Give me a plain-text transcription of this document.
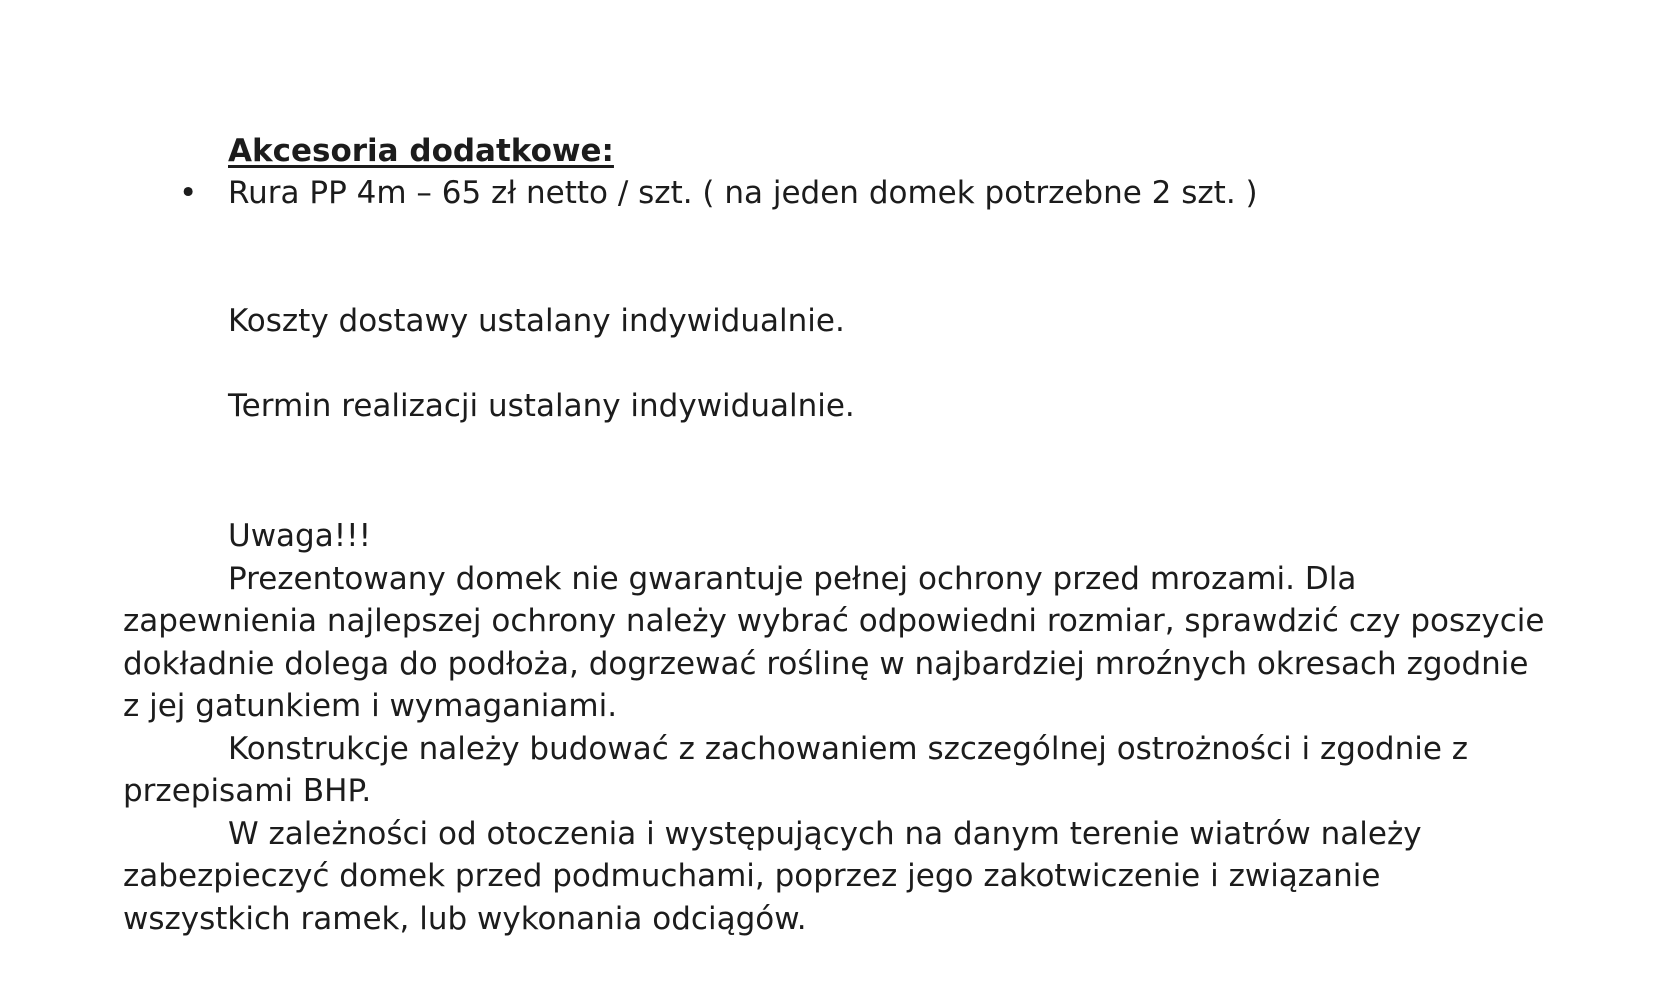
Akcesoria dodatkowe:

• Rura PP 4m – 65 zł netto / szt. ( na jeden domek potrzebne 2 szt. )

Koszty dostawy ustalany indywidualnie.

Termin realizacji ustalany indywidualnie.

Uwaga!!!

Prezentowany domek nie gwarantuje pełnej ochrony przed mrozami. Dla zapewnienia najlepszej ochrony należy wybrać odpowiedni rozmiar, sprawdzić czy poszycie dokładnie dolega do podłoża, dogrzewać roślinę w najbardziej mroźnych okresach zgodnie z jej gatunkiem i wymaganiami.

Konstrukcje należy budować z zachowaniem szczególnej ostrożności i zgodnie z przepisami BHP.

W zależności od otoczenia i występujących na danym terenie wiatrów należy zabezpieczyć domek przed podmuchami, poprzez jego zakotwiczenie i związanie wszystkich ramek, lub wykonania odciągów.
